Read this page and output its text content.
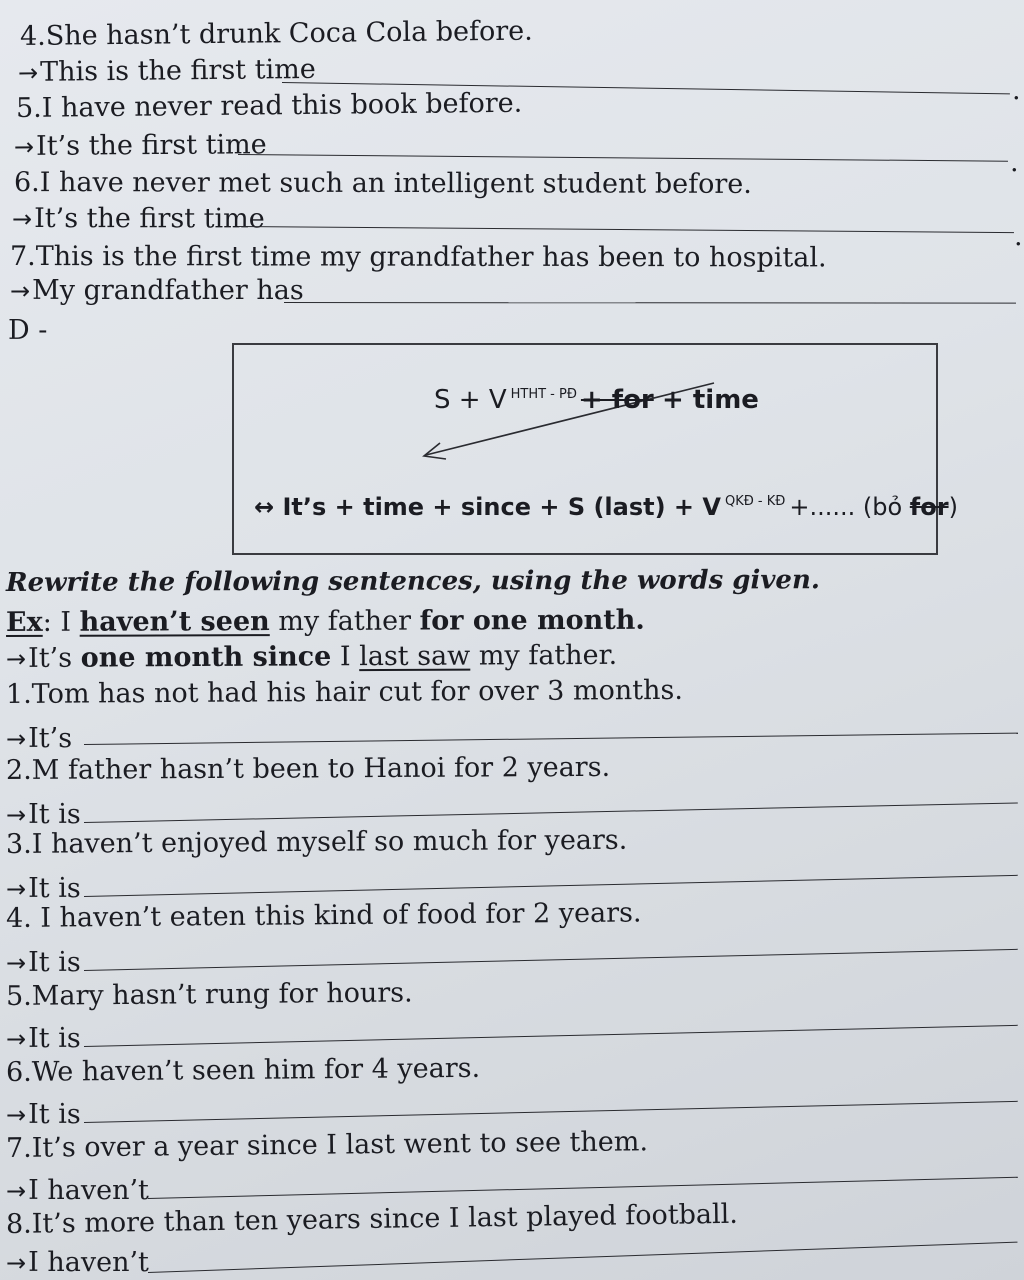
4.She hasn’t drunk Coca Cola before.
→This is the first time
.
5.I have never read this book before.
→It’s the first time
.
6.I have never met such an intelligent student before.
→It’s the first time
.
7.This is the first time my grandfather has been to hospital.
→My grandfather has
D -
S + V $^{HTHT - PĐ}$ + for + time
↔ It’s + time + since + S (last) + V $^{QKĐ - KĐ}$ +...... (bỏ for)
Rewrite the following sentences, using the words given.
Ex: I haven’t seen my father for one month.
→It’s one month since I last saw my father.
1.Tom has not had his hair cut for over 3 months.
→It’s
2.M father hasn’t been to Hanoi for 2 years.
→It is
3.I haven’t enjoyed myself so much for years.
→It is
4. I haven’t eaten this kind of food for 2 years.
→It is
5.Mary hasn’t rung for hours.
→It is
6.We haven’t seen him for 4 years.
→It is
7.It’s over a year since I last went to see them.
→I haven’t
8.It’s more than ten years since I last played football.
→I haven’t
